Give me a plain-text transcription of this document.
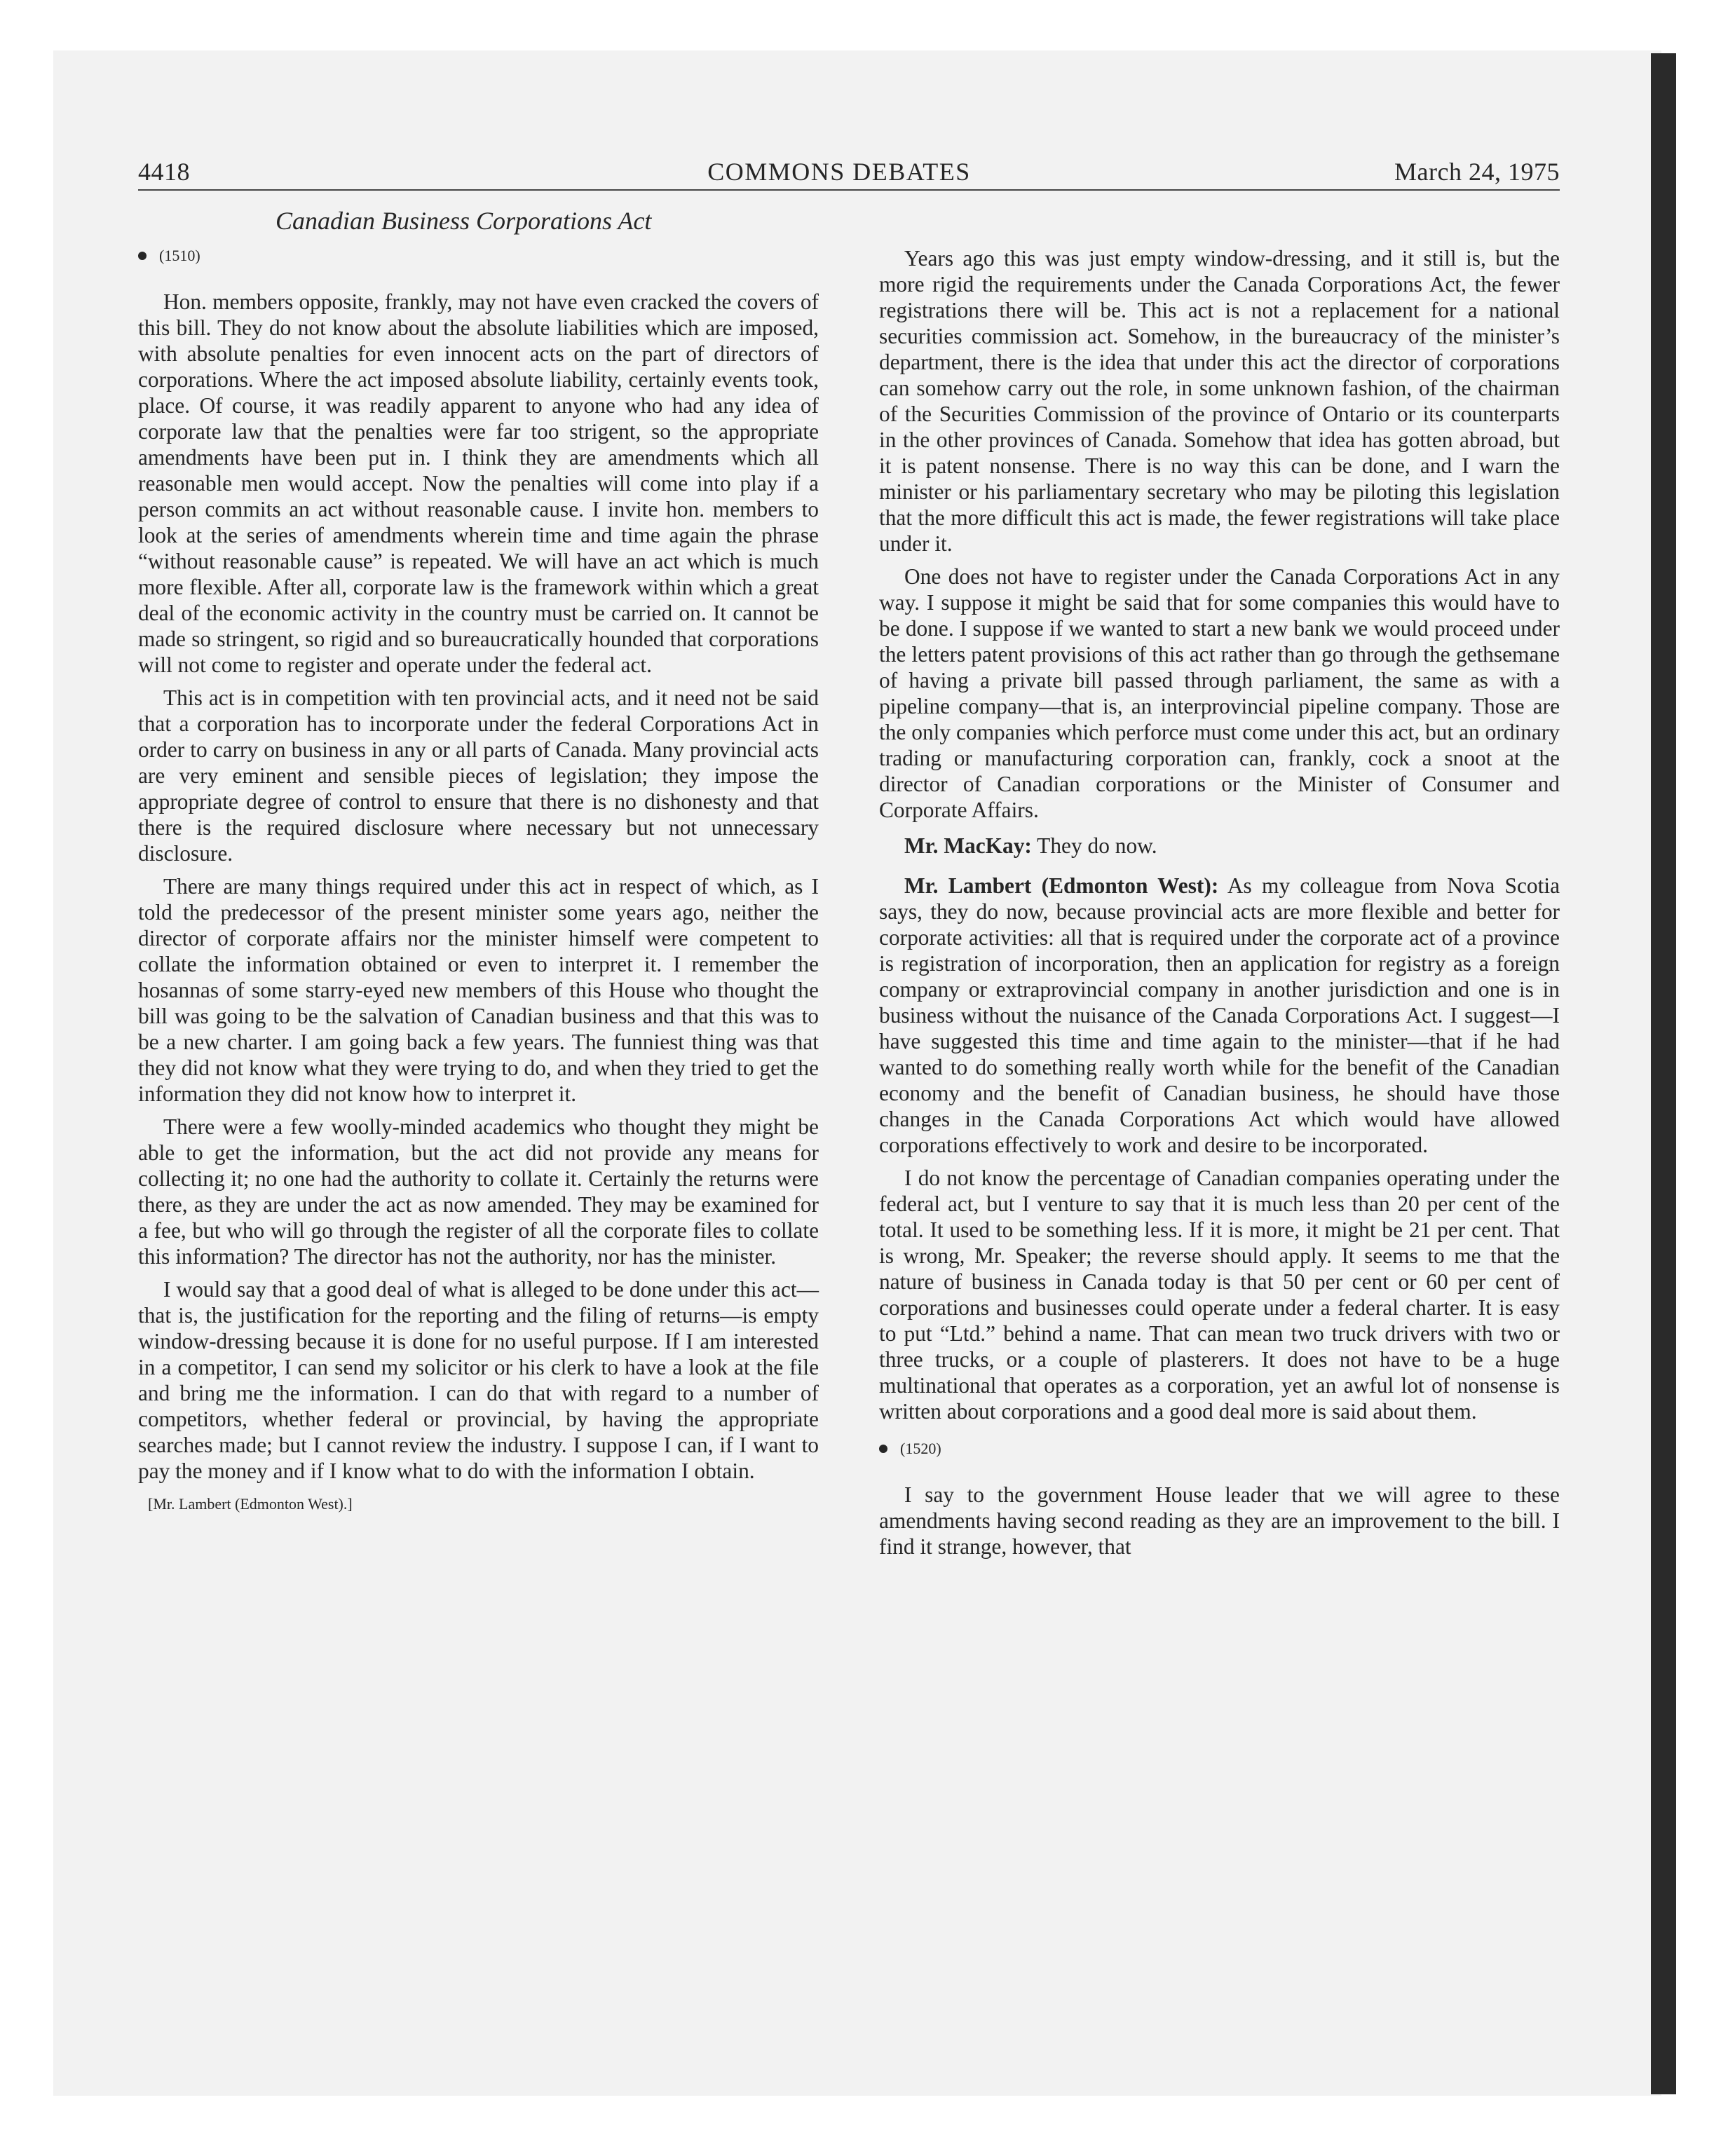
4418	COMMONS DEBATES	March 24, 1975
Canadian Business Corporations Act
(1510)

Hon. members opposite, frankly, may not have even cracked the covers of this bill. They do not know about the absolute liabilities which are imposed, with absolute penalties for even innocent acts on the part of directors of corporations. Where the act imposed absolute liability, certainly events took, place. Of course, it was readily apparent to anyone who had any idea of corporate law that the penalties were far too strigent, so the appropriate amendments have been put in. I think they are amendments which all reasonable men would accept. Now the penalties will come into play if a person commits an act without reasonable cause. I invite hon. members to look at the series of amendments wherein time and time again the phrase “without reasonable cause” is repeated. We will have an act which is much more flexible. After all, corporate law is the framework within which a great deal of the economic activity in the country must be carried on. It cannot be made so stringent, so rigid and so bureaucratically hounded that corporations will not come to register and operate under the federal act.

This act is in competition with ten provincial acts, and it need not be said that a corporation has to incorporate under the federal Corporations Act in order to carry on business in any or all parts of Canada. Many provincial acts are very eminent and sensible pieces of legislation; they impose the appropriate degree of control to ensure that there is no dishonesty and that there is the required disclosure where necessary but not unnecessary disclosure.

There are many things required under this act in respect of which, as I told the predecessor of the present minister some years ago, neither the director of corporate affairs nor the minister himself were competent to collate the information obtained or even to interpret it. I remember the hosannas of some starry-eyed new members of this House who thought the bill was going to be the salvation of Canadian business and that this was to be a new charter. I am going back a few years. The funniest thing was that they did not know what they were trying to do, and when they tried to get the information they did not know how to interpret it.

There were a few woolly-minded academics who thought they might be able to get the information, but the act did not provide any means for collecting it; no one had the authority to collate it. Certainly the returns were there, as they are under the act as now amended. They may be examined for a fee, but who will go through the register of all the corporate files to collate this information? The director has not the authority, nor has the minister.

I would say that a good deal of what is alleged to be done under this act—that is, the justification for the reporting and the filing of returns—is empty window-dressing because it is done for no useful purpose. If I am interested in a competitor, I can send my solicitor or his clerk to have a look at the file and bring me the information. I can do that with regard to a number of competitors, whether federal or provincial, by having the appropriate searches made; but I cannot review the industry. I suppose I can, if I want to pay the money and if I know what to do with the information I obtain.

[Mr. Lambert (Edmonton West).]

Years ago this was just empty window-dressing, and it still is, but the more rigid the requirements under the Canada Corporations Act, the fewer registrations there will be. This act is not a replacement for a national securities commission act. Somehow, in the bureaucracy of the minister’s department, there is the idea that under this act the director of corporations can somehow carry out the role, in some unknown fashion, of the chairman of the Securities Commission of the province of Ontario or its counterparts in the other provinces of Canada. Somehow that idea has gotten abroad, but it is patent nonsense. There is no way this can be done, and I warn the minister or his parliamentary secretary who may be piloting this legislation that the more difficult this act is made, the fewer registrations will take place under it.

One does not have to register under the Canada Corporations Act in any way. I suppose it might be said that for some companies this would have to be done. I suppose if we wanted to start a new bank we would proceed under the letters patent provisions of this act rather than go through the gethsemane of having a private bill passed through parliament, the same as with a pipeline company—that is, an interprovincial pipeline company. Those are the only companies which perforce must come under this act, but an ordinary trading or manufacturing corporation can, frankly, cock a snoot at the director of Canadian corporations or the Minister of Consumer and Corporate Affairs.

Mr. MacKay: They do now.

Mr. Lambert (Edmonton West): As my colleague from Nova Scotia says, they do now, because provincial acts are more flexible and better for corporate activities: all that is required under the corporate act of a province is registration of incorporation, then an application for registry as a foreign company or extraprovincial company in another jurisdiction and one is in business without the nuisance of the Canada Corporations Act. I suggest—I have suggested this time and time again to the minister—that if he had wanted to do something really worth while for the benefit of the Canadian economy and the benefit of Canadian business, he should have those changes in the Canada Corporations Act which would have allowed corporations effectively to work and desire to be incorporated.

I do not know the percentage of Canadian companies operating under the federal act, but I venture to say that it is much less than 20 per cent of the total. It used to be something less. If it is more, it might be 21 per cent. That is wrong, Mr. Speaker; the reverse should apply. It seems to me that the nature of business in Canada today is that 50 per cent or 60 per cent of corporations and businesses could operate under a federal charter. It is easy to put “Ltd.” behind a name. That can mean two truck drivers with two or three trucks, or a couple of plasterers. It does not have to be a huge multinational that operates as a corporation, yet an awful lot of nonsense is written about corporations and a good deal more is said about them.

(1520)

I say to the government House leader that we will agree to these amendments having second reading as they are an improvement to the bill. I find it strange, however, that
